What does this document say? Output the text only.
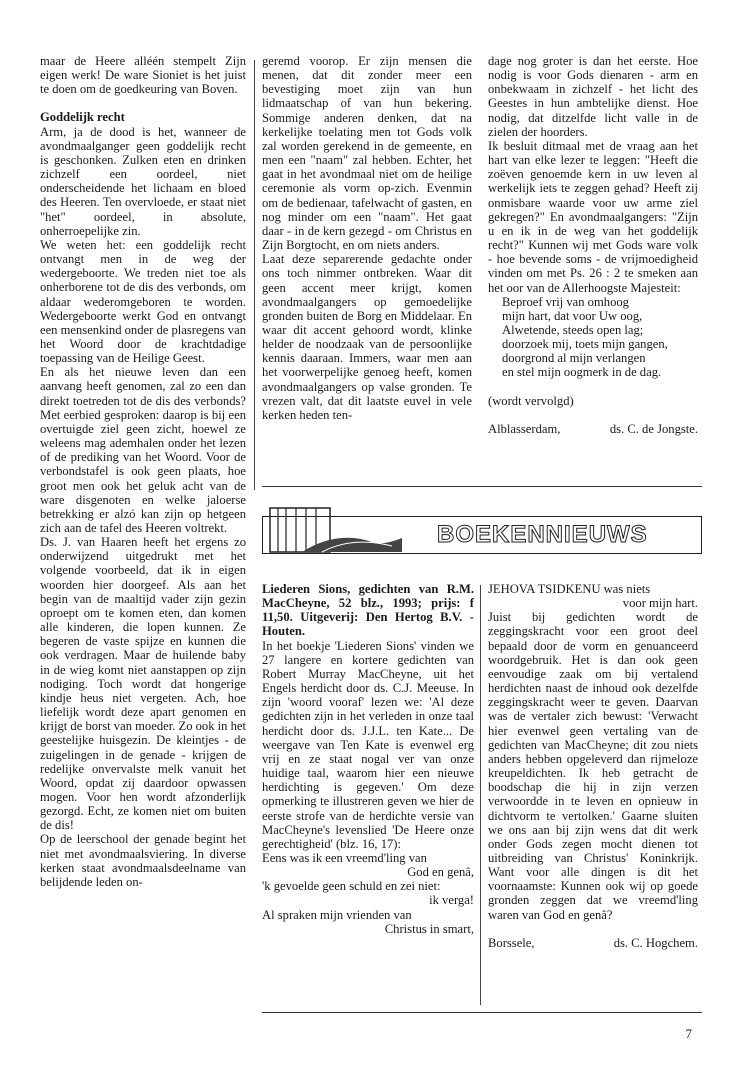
maar de Heere alléén stempelt Zijn eigen werk! De ware Sioniet is het juist te doen om de goedkeuring van Boven.

Goddelijk recht

Arm, ja de dood is het, wanneer de avondmaalganger geen goddelijk recht is geschonken. Zulken eten en drinken zichzelf een oordeel, niet onderscheidende het lichaam en bloed des Heeren. Ten overvloede, er staat niet "het" oordeel, in absolute, onherroepelijke zin.

We weten het: een goddelijk recht ontvangt men in de weg der wedergeboorte. We treden niet toe als onherborene tot de dis des verbonds, om aldaar wederomgeboren te worden. Wedergeboorte werkt God en ontvangt een mensenkind onder de plasregens van het Woord door de krachtdadige toepassing van de Heilige Geest.

En als het nieuwe leven dan een aanvang heeft genomen, zal zo een dan direkt toetreden tot de dis des verbonds? Met eerbied gesproken: daarop is bij een overtuigde ziel geen zicht, hoewel ze weleens mag ademhalen onder het lezen of de prediking van het Woord. Voor de verbondstafel is ook geen plaats, hoe groot men ook het geluk acht van de ware disgenoten en welke jaloerse betrekking er alzó kan zijn op hetgeen zich aan de tafel des Heeren voltrekt.

Ds. J. van Haaren heeft het ergens zo onderwijzend uitgedrukt met het volgende voorbeeld, dat ik in eigen woorden hier doorgeef. Als aan het begin van de maaltijd vader zijn gezin oproept om te komen eten, dan komen alle kinderen, die lopen kunnen. Ze begeren de vaste spijze en kunnen die ook verdragen. Maar de huilende baby in de wieg komt niet aanstappen op zijn nodiging. Toch wordt dat hongerige kindje heus niet vergeten. Ach, hoe liefelijk wordt deze apart genomen en krijgt de borst van moeder. Zo ook in het geestelijke huisgezin. De kleintjes - de zuigelingen in de genade - krijgen de redelijke onvervalste melk vanuit het Woord, opdat zij daardoor opwassen mogen. Voor hen wordt afzonderlijk gezorgd. Echt, ze komen niet om buiten de dis!

Op de leerschool der genade begint het niet met avondmaalsviering. In diverse kerken staat avondmaalsdeelname van belijdende leden on-

geremd voorop. Er zijn mensen die menen, dat dit zonder meer een bevestiging moet zijn van hun lidmaatschap of van hun bekering. Sommige anderen denken, dat na kerkelijke toelating men tot Gods volk zal worden gerekend in de gemeente, en men een "naam" zal hebben. Echter, het gaat in het avondmaal niet om de heilige ceremonie als vorm op-zich. Evenmin om de bedienaar, tafelwacht of gasten, en nog minder om een "naam". Het gaat daar - in de kern gezegd - om Christus en Zijn Borgtocht, en om niets anders.

Laat deze separerende gedachte onder ons toch nimmer ontbreken. Waar dit geen accent meer krijgt, komen avondmaalgangers op gemoedelijke gronden buiten de Borg en Middelaar. En waar dit accent gehoord wordt, klinke helder de noodzaak van de persoonlijke kennis daaraan. Immers, waar men aan het voorwerpelijke genoeg heeft, komen avondmaalgangers op valse gronden. Te vrezen valt, dat dit laatste euvel in vele kerken heden ten-

dage nog groter is dan het eerste. Hoe nodig is voor Gods dienaren - arm en onbekwaam in zichzelf - het licht des Geestes in hun ambtelijke dienst. Hoe nodig, dat ditzelfde licht valle in de zielen der hoorders.

Ik besluit ditmaal met de vraag aan het hart van elke lezer te leggen: "Heeft die zoëven genoemde kern in uw leven al werkelijk iets te zeggen gehad? Heeft zij onmisbare waarde voor uw arme ziel gekregen?" En avondmaalgangers: "Zijn u en ik in de weg van het goddelijk recht?" Kunnen wij met Gods ware volk - hoe bevende soms - de vrijmoedigheid vinden om met Ps. 26 : 2 te smeken aan het oor van de Allerhoogste Majesteit:

Beproef vrij van omhoog

mijn hart, dat voor Uw oog,

Alwetende, steeds open lag;

doorzoek mij, toets mijn gangen,

doorgrond al mijn verlangen

en stel mijn oogmerk in de dag.

(wordt vervolgd)

Alblasserdam,	ds. C. de Jongste.
BOEKENNIEUWS

Liederen Sions, gedichten van R.M. MacCheyne, 52 blz., 1993; prijs: f 11,50. Uitgeverij: Den Hertog B.V. - Houten.

In het boekje 'Liederen Sions' vinden we 27 langere en kortere gedichten van Robert Murray MacCheyne, uit het Engels herdicht door ds. C.J. Meeuse. In zijn 'woord vooraf' lezen we: 'Al deze gedichten zijn in het verleden in onze taal herdicht door ds. J.J.L. ten Kate... De weergave van Ten Kate is evenwel erg vrij en ze staat nogal ver van onze huidige taal, waarom hier een nieuwe herdichting is gegeven.' Om deze opmerking te illustreren geven we hier de eerste strofe van de herdichte versie van MacCheyne's levenslied 'De Heere onze gerechtigheid' (blz. 16, 17):

Eens was ik een vreemd'ling van

God en genâ,

'k gevoelde geen schuld en zei niet:

ik verga!

Al spraken mijn vrienden van

Christus in smart,

JEHOVA TSIDKENU was niets

voor mijn hart.

Juist bij gedichten wordt de zeggingskracht voor een groot deel bepaald door de vorm en genuanceerd woordgebruik. Het is dan ook geen eenvoudige zaak om bij vertalend herdichten naast de inhoud ook dezelfde zeggingskracht weer te geven. Daarvan was de vertaler zich bewust: 'Verwacht hier evenwel geen vertaling van de gedichten van MacCheyne; dit zou niets anders hebben opgeleverd dan rijmeloze kreupeldichten. Ik heb getracht de boodschap die hij in zijn verzen verwoordde in te leven en opnieuw in dichtvorm te vertolken.' Gaarne sluiten we ons aan bij zijn wens dat dit werk onder Gods zegen mocht dienen tot uitbreiding van Christus' Koninkrijk. Want voor alle dingen is dit het voornaamste: Kunnen ook wij op goede gronden zeggen dat we vreemd'ling waren van God en genâ?

Borssele,	ds. C. Hogchem.
7
